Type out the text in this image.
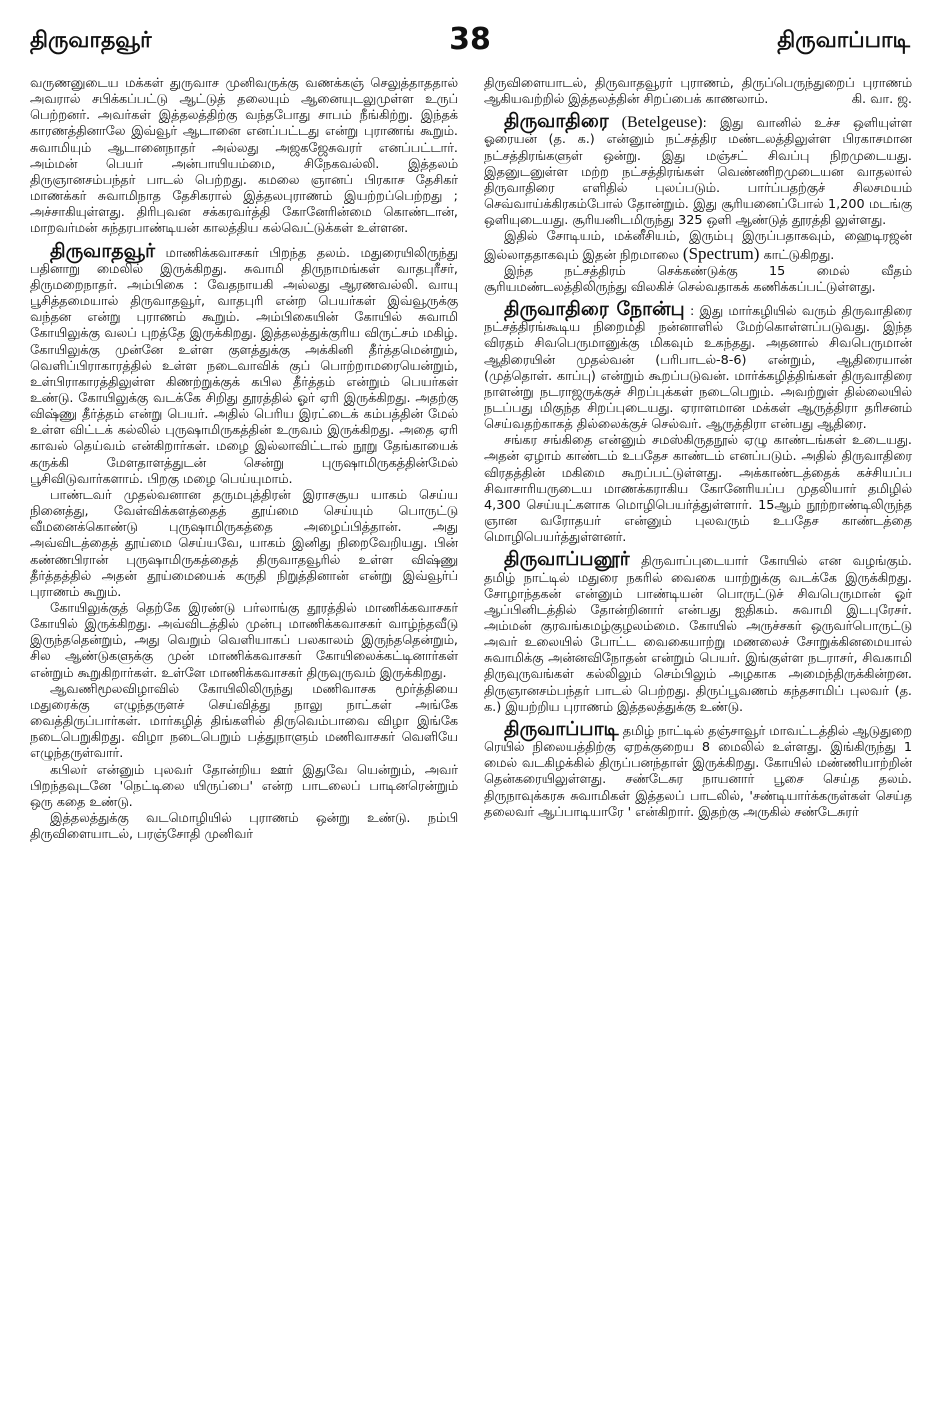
திருவாதவூர்	38	திருவாப்பாடி

வருணனுடைய மக்கள் துருவாச முனிவருக்கு வணக்கஞ் செலுத்தாததால் அவரால் சபிக்கப்பட்டு ஆட்டுத் தலையும் ஆனையுடலுமுள்ள உருப் பெற்றனர். அவர்கள் இத்தலத்திற்கு வந்தபோது சாபம் நீங்கிற்று. இந்தக் காரணத்தினாலே இவ்வூர் ஆடானை எனப்பட்டது என்று புராணங் கூறும். சுவாமியும் ஆடானைநாதர் அல்லது அஜகஜேசுவரர் எனப்பட்டார். அம்மன் பெயர் அன்பாயியம்மை, சிநேகவல்லி. இத்தலம் திருஞானசம்பந்தர் பாடல் பெற்றது. கமலை ஞானப் பிரகாச தேசிகர் மாணக்கர் சுவாமிநாத தேசிகரால் இத்தலபுராணம் இயற்றப்பெற்றது ; அச்சாகியுள்ளது. திரிபுவன சக்கரவர்த்தி கோனேரின்மை கொண்டான், மாறவர்மன் சுந்தரபாண்டியன் காலத்திய கல்வெட்டுக்கள் உள்ளன.

திருவாதவூர் மாணிக்கவாசகர் பிறந்த தலம். மதுரையிலிருந்து பதினாறு மைலில் இருக்கிறது. சுவாமி திருநாமங்கள் வாதபுரீசர், திருமறைநாதர். அம்பிகை : வேதநாயகி அல்லது ஆரணவல்லி. வாயு பூசித்தமையால் திருவாதவூர், வாதபுரி என்ற பெயர்கள் இவ்வூருக்கு வந்தன என்று புராணம் கூறும். அம்பிகையின் கோயில் சுவாமி கோயிலுக்கு வலப் புறத்தே இருக்கிறது. இத்தலத்துக்குரிய விருட்சம் மகிழ். கோயிலுக்கு முன்னே உள்ள குளத்துக்கு அக்கினி தீர்த்தமென்றும், வெளிப்பிராகாரத்தில் உள்ள நடைவாவிக் குப் பொற்றாமரையென்றும், உள்பிராகாரத்திலுள்ள கிணற்றுக்குக் கபில தீர்த்தம் என்றும் பெயர்கள் உண்டு. கோயிலுக்கு வடக்கே சிறிது தூரத்தில் ஓர் ஏரி இருக்கிறது. அதற்கு விஷ்ணு தீர்த்தம் என்று பெயர். அதில் பெரிய இரட்டைக் கம்பத்தின் மேல் உள்ள விட்டக் கல்லில் புருஷாமிருகத்தின் உருவம் இருக்கிறது. அதை ஏரி காவல் தெய்வம் என்கிறார்கள். மழை இல்லாவிட்டால் நூறு தேங்காயைக் கருக்கி மேளதாளத்துடன் சென்று புருஷாமிருகத்தின்மேல் பூசிவிடுவார்களாம். பிறகு மழை பெய்யுமாம்.

பாண்டவர் முதல்வனான தருமபுத்திரன் இராசசூய யாகம் செய்ய நினைத்து, வேள்விக்களத்தைத் தூய்மை செய்யும் பொருட்டு வீமனைக்கொண்டு புருஷாமிருகத்தை அழைப்பித்தான். அது அவ்விடத்தைத் தூய்மை செய்யவே, யாகம் இனிது நிறைவேறியது. பின் கண்ணபிரான் புருஷாமிருகத்தைத் திருவாதவூரில் உள்ள விஷ்ணு தீர்த்தத்தில் அதன் தூய்மையைக் கருதி நிறுத்தினான் என்று இவ்வூர்ப் புராணம் கூறும்.

கோயிலுக்குத் தெற்கே இரண்டு பர்லாங்கு தூரத்தில் மாணிக்கவாசகர் கோயில் இருக்கிறது. அவ்விடத்தில் முன்பு மாணிக்கவாசகர் வாழ்ந்தவீடு இருந்ததென்றும், அது வெறும் வெளியாகப் பலகாலம் இருந்ததென்றும், சில ஆண்டுகளுக்கு முன் மாணிக்கவாசகர் கோயிலைக்கட்டினார்கள் என்றும் கூறுகிறார்கள். உள்ளே மாணிக்கவாசகர் திருவுருவம் இருக்கிறது.

ஆவணிமூலவிழாவில் கோயிலிலிருந்து மணிவாசக மூர்த்தியை மதுரைக்கு எழுந்தருளச் செய்வித்து நாலு நாட்கள் அங்கே வைத்திருப்பார்கள். மார்கழித் திங்களில் திருவெம்பாவை விழா இங்கே நடைபெறுகிறது. விழா நடைபெறும் பத்துநாளும் மணிவாசகர் வெளியே எழுந்தருள்வார்.

கபிலர் என்னும் புலவர் தோன்றிய ஊர் இதுவே யென்றும், அவர் பிறந்தவுடனே 'நெட்டிலை யிருப்பை' என்ற பாடலைப் பாடினரென்றும் ஒரு கதை உண்டு.

இத்தலத்துக்கு வடமொழியில் புராணம் ஒன்று உண்டு. நம்பி திருவிளையாடல், பரஞ்சோதி முனிவர்

திருவிளையாடல், திருவாதவூரர் புராணம், திருப்பெருந்துறைப் புராணம் ஆகியவற்றில் இத்தலத்தின் சிறப்பைக் காணலாம்.	கி. வா. ஜ.

திருவாதிரை (Betelgeuse): இது வானில் உச்ச ஒளியுள்ள ஓரையன் (த. க.) என்னும் நட்சத்திர மண்டலத்திலுள்ள பிரகாசமான நட்சத்திரங்களுள் ஒன்று. இது மஞ்சட் சிவப்பு நிறமுடையது. இதனுடனுள்ள மற்ற நட்சத்திரங்கள் வெண்ணிறமுடையன வாதலால் திருவாதிரை எளிதில் புலப்படும். பார்ப்பதற்குச் சிலசமயம் செவ்வாய்க்கிரகம்போல் தோன்றும். இது சூரியனைப்போல் 1,200 மடங்கு ஒளியுடையது. சூரியனிடமிருந்து 325 ஒளி ஆண்டுத் தூரத்தி லுள்ளது.

இதில் சோடியம், மக்னீசியம், இரும்பு இருப்பதாகவும், ஹைடிரஜன் இல்லாததாகவும் இதன் நிறமாலை (Spectrum) காட்டுகிறது.

இந்த நட்சத்திரம் செக்கண்டுக்கு 15 மைல் வீதம் சூரியமண்டலத்திலிருந்து விலகிச் செல்வதாகக் கணிக்கப்பட்டுள்ளது.

திருவாதிரை நோன்பு : இது மார்கழியில் வரும் திருவாதிரை நட்சத்திரங்கூடிய நிறைமதி நன்னாளில் மேற்கொள்ளப்படுவது. இந்த விரதம் சிவபெருமானுக்கு மிகவும் உகந்தது. அதனால் சிவபெருமான் ஆதிரையின் முதல்வன் (பரிபாடல்-8-6) என்றும், ஆதிரையான் (முத்தொள். காப்பு) என்றும் கூறப்படுவன். மார்க்கழித்திங்கள் திருவாதிரை நாளன்று நடராஜருக்குச் சிறப்புக்கள் நடைபெறும். அவற்றுள் தில்லையில் நடப்பது மிகுந்த சிறப்புடையது. ஏராளமான மக்கள் ஆருத்திரா தரிசனம் செய்வதற்காகத் தில்லைக்குச் செல்வர். ஆருத்திரா என்பது ஆதிரை.

சங்கர சங்கிதை என்னும் சமஸ்கிருதநூல் ஏழு காண்டங்கள் உடையது. அதன் ஏழாம் காண்டம் உபதேச காண்டம் எனப்படும். அதில் திருவாதிரை விரதத்தின் மகிமை கூறப்பட்டுள்ளது. அக்காண்டத்தைக் கச்சியப்ப சிவாசாரியருடைய மாணக்கராகிய கோனேரியப்ப முதலியார் தமிழில் 4,300 செய்யுட்களாக மொழிபெயர்த்துள்ளார். 15ஆம் நூற்றாண்டிலிருந்த ஞான வரோதயர் என்னும் புலவரும் உபதேச காண்டத்தை மொழிபெயர்த்துள்ளனர்.

திருவாப்பனூர் திருவாப்புடையார் கோயில் என வழங்கும். தமிழ் நாட்டில் மதுரை நகரில் வைகை யாற்றுக்கு வடக்கே இருக்கிறது. சோழாந்தகன் என்னும் பாண்டியன் பொருட்டுச் சிவபெருமான் ஓர் ஆப்பினிடத்தில் தோன்றினார் என்பது ஐதிகம். சுவாமி இடபுரேசர். அம்மன் குரவங்கமழ்குழலம்மை. கோயில் அருச்சகர் ஒருவர்பொருட்டு அவர் உலையில் போட்ட வைகையாற்று மணலைச் சோறுக்கினமையால் சுவாமிக்கு அன்னவிநோதன் என்றும் பெயர். இங்குள்ள நடராசர், சிவகாமி திருவுருவங்கள் கல்லிலும் செம்பிலும் அழகாக அமைந்திருக்கின்றன. திருஞானசம்பந்தர் பாடல் பெற்றது. திருப்பூவணம் கந்தசாமிப் புலவர் (த. க.) இயற்றிய புராணம் இத்தலத்துக்கு உண்டு.

திருவாப்பாடி தமிழ் நாட்டில் தஞ்சாவூர் மாவட்டத்தில் ஆடுதுறை ரெயில் நிலையத்திற்கு ஏறக்குறைய 8 மைலில் உள்ளது. இங்கிருந்து 1 மைல் வடகிழக்கில் திருப்பனந்தாள் இருக்கிறது. கோயில் மண்ணியாற்றின் தென்கரையிலுள்ளது. சண்டேசுர நாயனார் பூசை செய்த தலம். திருநாவுக்கரசு சுவாமிகள் இத்தலப் பாடலில், 'சண்டியார்க்கருள்கள் செய்த தலைவர் ஆப்பாடியாரே ' என்கிறார். இதற்கு அருகில் சண்டேசுரர்
